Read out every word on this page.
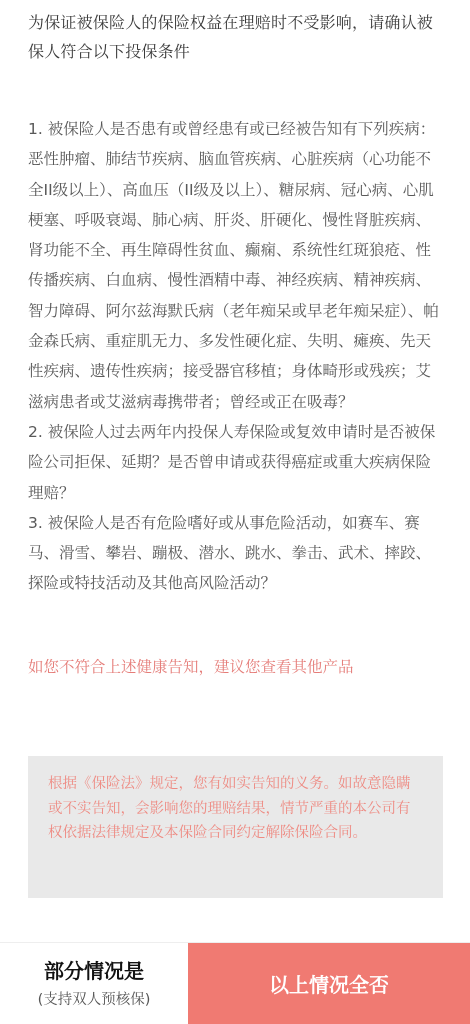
为保证被保险人的保险权益在理赔时不受影响，请确认被保人符合以下投保条件

1. 被保险人是否患有或曾经患有或已经被告知有下列疾病：恶性肿瘤、肺结节疾病、脑血管疾病、心脏疾病（心功能不全II级以上）、高血压（II级及以上）、糖尿病、冠心病、心肌梗塞、呼吸衰竭、肺心病、肝炎、肝硬化、慢性肾脏疾病、肾功能不全、再生障碍性贫血、癫痫、系统性红斑狼疮、性传播疾病、白血病、慢性酒精中毒、神经疾病、精神疾病、智力障碍、阿尔兹海默氏病（老年痴呆或早老年痴呆症）、帕金森氏病、重症肌无力、多发性硬化症、失明、瘫痪、先天性疾病、遗传性疾病；接受器官移植；身体畸形或残疾；艾滋病患者或艾滋病毒携带者；曾经或正在吸毒？

2. 被保险人过去两年内投保人寿保险或复效申请时是否被保险公司拒保、延期？是否曾申请或获得癌症或重大疾病保险理赔？

3. 被保险人是否有危险嗜好或从事危险活动，如赛车、赛马、滑雪、攀岩、蹦极、潜水、跳水、拳击、武术、摔跤、探险或特技活动及其他高风险活动？

如您不符合上述健康告知，建议您查看其他产品

根据《保险法》规定，您有如实告知的义务。如故意隐瞒或不实告知，会影响您的理赔结果，情节严重的本公司有权依据法律规定及本保险合同约定解除保险合同。

部分情况是
(支持双人预核保)
以上情况全否
